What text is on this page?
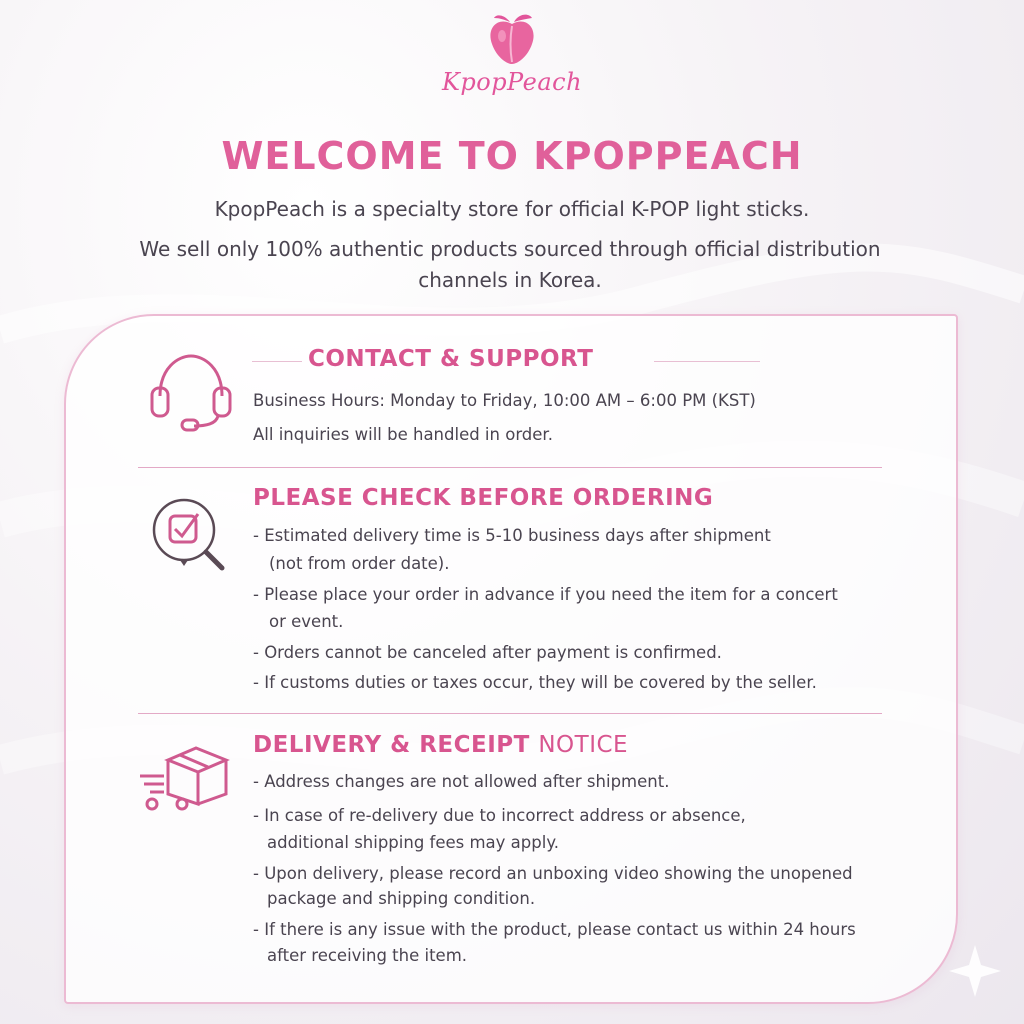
KpopPeach
WELCOME TO KPOPPEACH
KpopPeach is a specialty store for official K-POP light sticks.
We sell only 100% authentic products sourced through official distribution channels in Korea.
CONTACT & SUPPORT
Business Hours: Monday to Friday, 10:00 AM – 6:00 PM (KST)
All inquiries will be handled in order.
PLEASE CHECK BEFORE ORDERING
- Estimated delivery time is 5-10 business days after shipment
(not from order date).
- Please place your order in advance if you need the item for a concert
or event.
- Orders cannot be canceled after payment is confirmed.
- If customs duties or taxes occur, they will be covered by the seller.
DELIVERY & RECEIPT NOTICE
- Address changes are not allowed after shipment.
- In case of re-delivery due to incorrect address or absence,
additional shipping fees may apply.
- Upon delivery, please record an unboxing video showing the unopened
package and shipping condition.
- If there is any issue with the product, please contact us within 24 hours
after receiving the item.
